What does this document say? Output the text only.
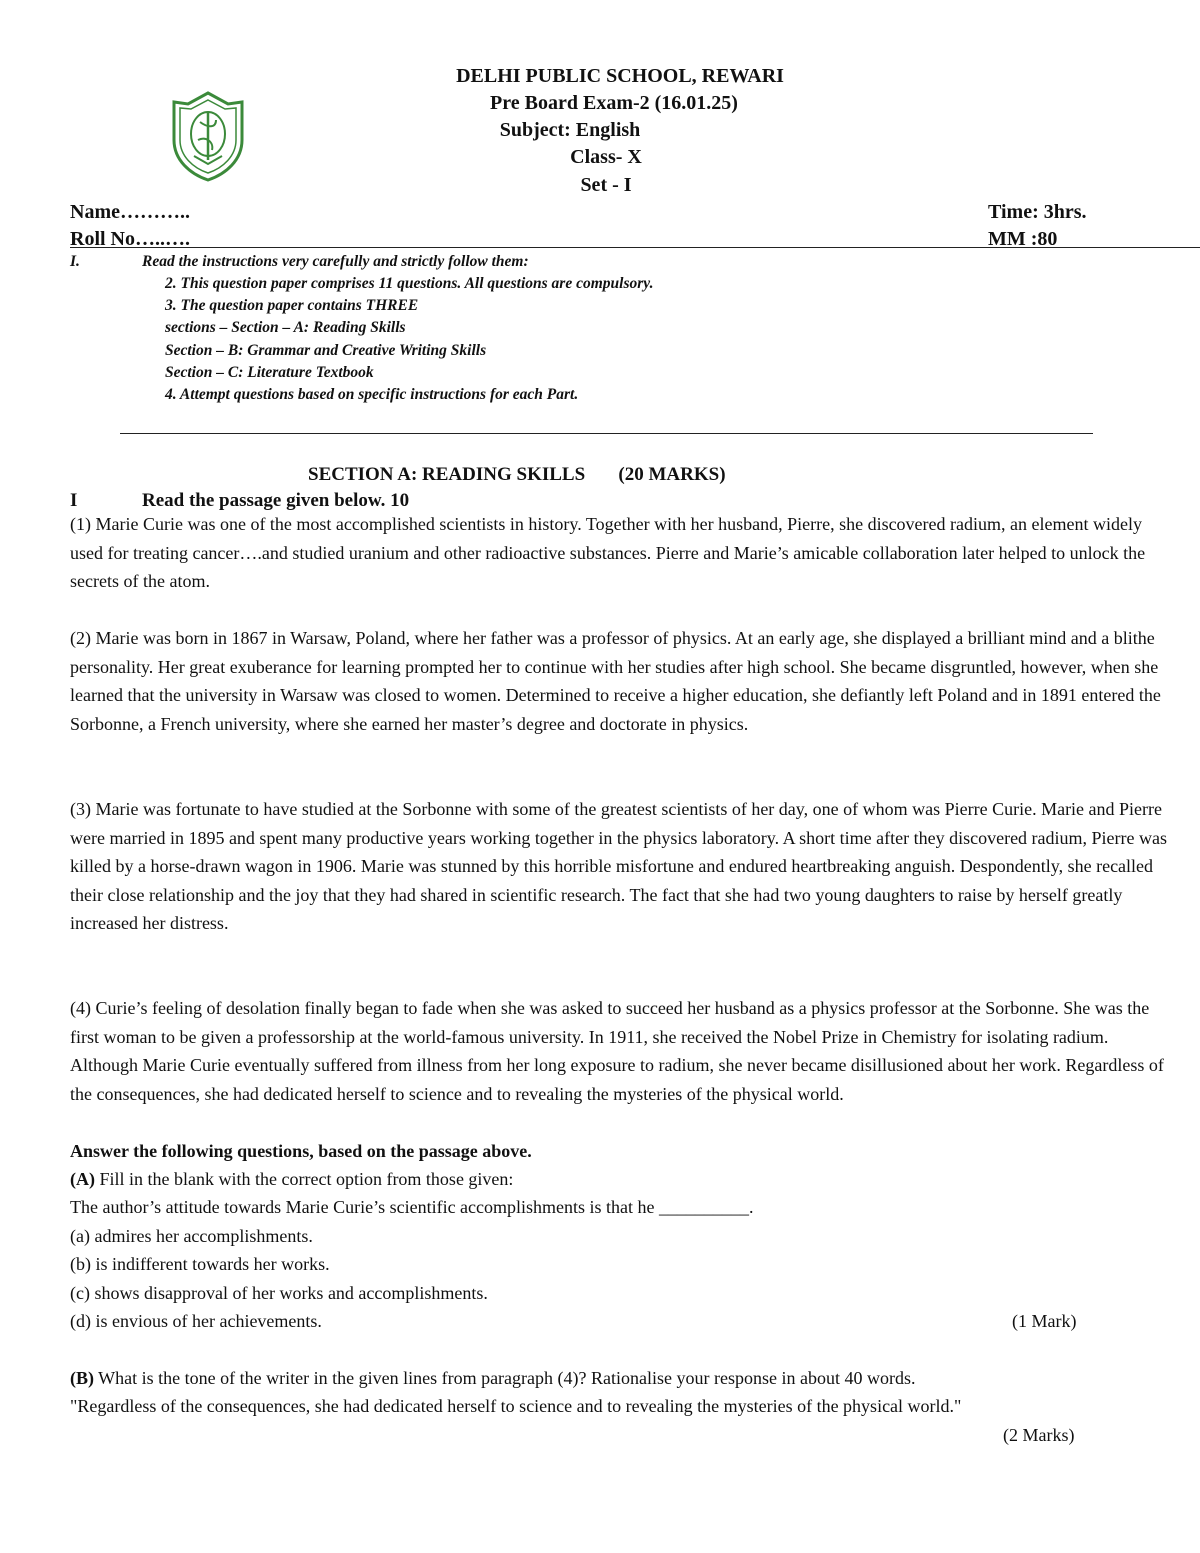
DELHI PUBLIC SCHOOL, REWARI
Pre Board Exam-2 (16.01.25)
Subject: English
Class- X
Set - I
Name………..
Roll No…..….
Time: 3hrs.
MM :80
I.	Read the instructions very carefully and strictly follow them:
2. This question paper comprises 11 questions. All questions are compulsory.
3. The question paper contains THREE
sections – Section – A: Reading Skills
Section – B: Grammar and Creative Writing Skills
Section – C: Literature Textbook
4. Attempt questions based on specific instructions for each Part.
SECTION A: READING SKILLS       (20 MARKS)
I	Read the passage given below. 10

(1) Marie Curie was one of the most accomplished scientists in history. Together with her husband, Pierre, she discovered radium, an element widely used for treating cancer….and studied uranium and other radioactive substances. Pierre and Marie’s amicable collaboration later helped to unlock the secrets of the atom.

(2) Marie was born in 1867 in Warsaw, Poland, where her father was a professor of physics. At an early age, she displayed a brilliant mind and a blithe personality. Her great exuberance for learning prompted her to continue with her studies after high school. She became disgruntled, however, when she learned that the university in Warsaw was closed to women. Determined to receive a higher education, she defiantly left Poland and in 1891 entered the Sorbonne, a French university, where she earned her master’s degree and doctorate in physics.

(3) Marie was fortunate to have studied at the Sorbonne with some of the greatest scientists of her day, one of whom was Pierre Curie. Marie and Pierre were married in 1895 and spent many productive years working together in the physics laboratory. A short time after they discovered radium, Pierre was killed by a horse-drawn wagon in 1906. Marie was stunned by this horrible misfortune and endured heartbreaking anguish. Despondently, she recalled their close relationship and the joy that they had shared in scientific research. The fact that she had two young daughters to raise by herself greatly increased her distress.

(4) Curie’s feeling of desolation finally began to fade when she was asked to succeed her husband as a physics professor at the Sorbonne. She was the first woman to be given a professorship at the world-famous university. In 1911, she received the Nobel Prize in Chemistry for isolating radium. Although Marie Curie eventually suffered from illness from her long exposure to radium, she never became disillusioned about her work. Regardless of the consequences, she had dedicated herself to science and to revealing the mysteries of the physical world.

Answer the following questions, based on the passage above.
(A) Fill in the blank with the correct option from those given:
The author’s attitude towards Marie Curie’s scientific accomplishments is that he __________.
(a) admires her accomplishments.
(b) is indifferent towards her works.
(c) shows disapproval of her works and accomplishments.
(d) is envious of her achievements.	(1 Mark)
(B) What is the tone of the writer in the given lines from paragraph (4)? Rationalise your response in about 40 words.
"Regardless of the consequences, she had dedicated herself to science and to revealing the mysteries of the physical world."
(2 Marks)
